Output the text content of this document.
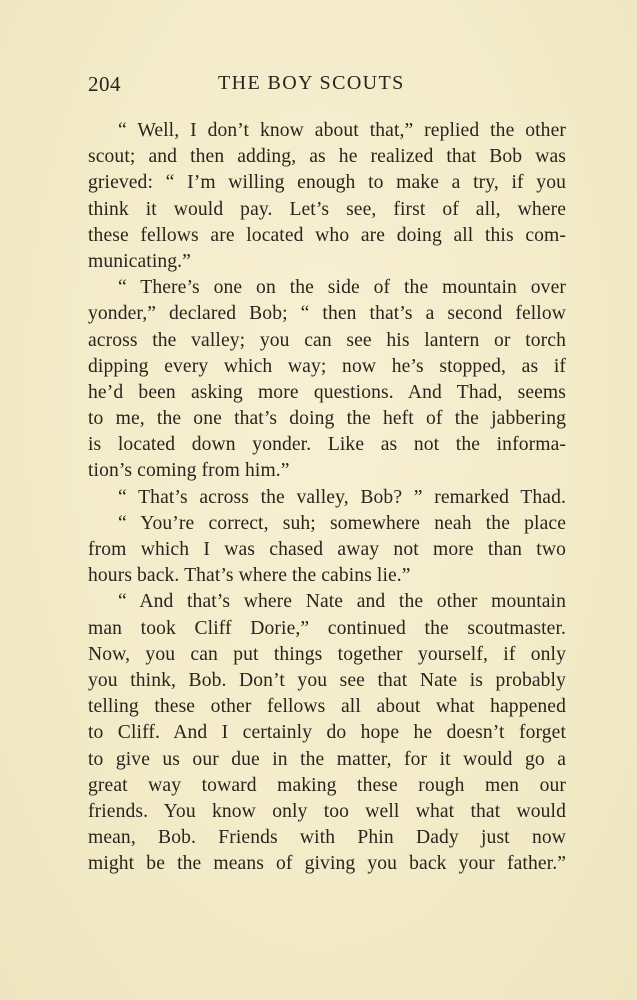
204	THE BOY SCOUTS
“ Well, I don’t know about that,” replied the other
scout; and then adding, as he realized that Bob was
grieved: “ I’m willing enough to make a try, if you
think it would pay. Let’s see, first of all, where
these fellows are located who are doing all this com-
municating.”
“ There’s one on the side of the mountain over
yonder,” declared Bob; “ then that’s a second fellow
across the valley; you can see his lantern or torch
dipping every which way; now he’s stopped, as if
he’d been asking more questions. And Thad, seems
to me, the one that’s doing the heft of the jabbering
is located down yonder. Like as not the informa-
tion’s coming from him.”
“ That’s across the valley, Bob? ” remarked Thad.
“ You’re correct, suh; somewhere neah the place
from which I was chased away not more than two
hours back. That’s where the cabins lie.”
“ And that’s where Nate and the other mountain
man took Cliff Dorie,” continued the scoutmaster.
Now, you can put things together yourself, if only
you think, Bob. Don’t you see that Nate is probably
telling these other fellows all about what happened
to Cliff. And I certainly do hope he doesn’t forget
to give us our due in the matter, for it would go a
great way toward making these rough men our
friends. You know only too well what that would
mean, Bob. Friends with Phin Dady just now
might be the means of giving you back your father.”
